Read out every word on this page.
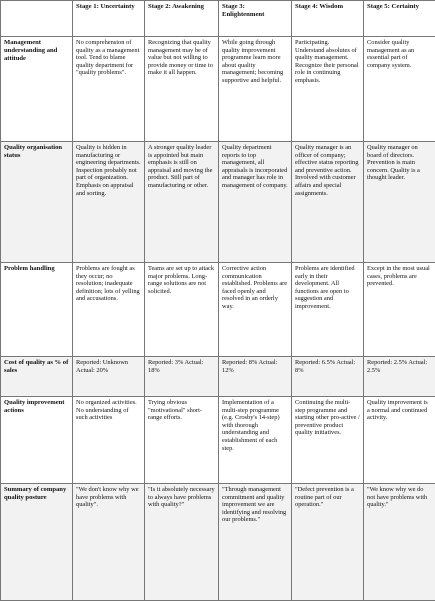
	Stage 1: Uncertainty	Stage 2: Awakening	Stage 3: Enlightenment	Stage 4: Wisdom	Stage 5: Certainty
Management understanding and attitude	No comprehension of quality as a management tool. Tend to blame quality department for "quality problems".	Recognizing that quality management may be of value but not willing to provide money or time to make it all happen.	While going through quality improvement programme learn more about quality management; becoming supportive and helpful.	Participating. Understand absolutes of quality management. Recognize their personal role in continuing emphasis.	Consider quality management as an essential part of company system.
Quality organisation status	Quality is hidden in manufacturing or engineering departments. Inspection probably not part of organization. Emphasis on appraisal and sorting.	A stronger quality leader is appointed but main emphasis is still on appraisal and moving the product. Still part of manufacturing or other.	Quality department reports to top management, all appraisals is incorporated and manager has role in management of company.	Quality manager is an officer of company; effective status reporting and preventive action. Involved with customer affairs and special assignments.	Quality manager on board of directors. Prevention is main concern. Quality is a thought leader.
Problem handling	Problems are fought as they occur; no resolution; inadequate definition; lots of yelling and accusations.	Teams are set up to attack major problems. Long-range solutions are not solicited.	Corrective action communication established. Problems are faced openly and resolved in an orderly way.	Problems are identified early in their development. All functions are open to suggestion and improvement.	Except in the most usual cases, problems are prevented.
Cost of quality as % of sales	Reported: Unknown Actual: 20%	Reported: 3% Actual: 18%	Reported: 8% Actual: 12%	Reported: 6.5% Actual: 8%	Reported: 2.5% Actual: 2.5%
Quality improvement actions	No organized activities. No understanding of such activities	Trying obvious "motivational" short-range efforts.	Implementation of a multi-step programme (e.g. Crosby's 14-step) with thorough understanding and establishment of each step.	Continuing the multi-step programme and starting other pro-active / preventive product quality initiatives.	Quality improvement is a normal and continued activity.
Summary of company quality posture	"We don't know why we have problems with quality".	"Is it absolutely necessary to always have problems with quality?"	"Through management commitment and quality improvement we are identifying and resolving our problems."	"Defect prevention is a routine part of our operation."	"We know why we do not have problems with quality."
